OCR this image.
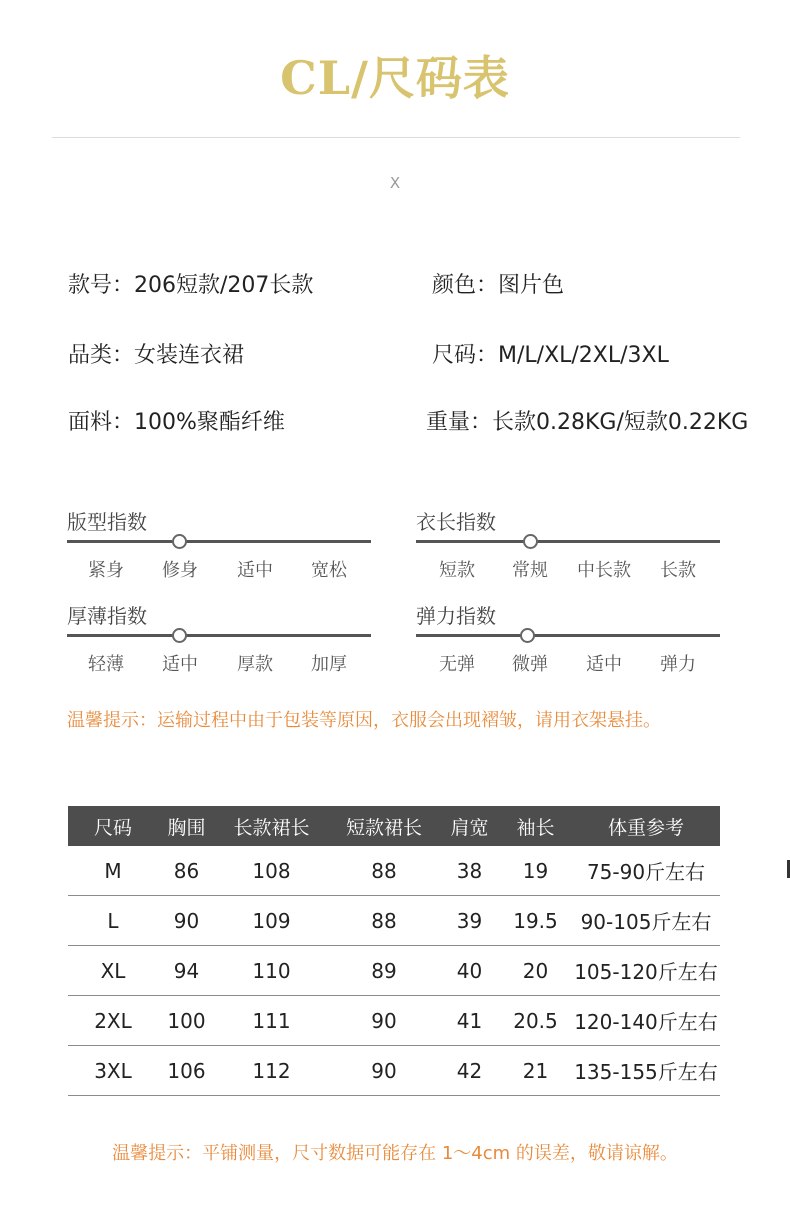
CL/尺码表
X
款号：206短款/207长款	颜色：图片色
品类：女装连衣裙	尺码：M/L/XL/2XL/3XL
面料：100%聚酯纤维	重量：长款0.28KG/短款0.22KG
版型指数
紧身	修身	适中	宽松
衣长指数
短款	常规	中长款	长款
厚薄指数
轻薄	适中	厚款	加厚
弹力指数
无弹	微弹	适中	弹力
温馨提示：运输过程中由于包装等原因，衣服会出现褶皱，请用衣架悬挂。
尺码	胸围	长款裙长	短款裙长	肩宽	袖长	体重参考
M	86	108	88	38	19	75-90斤左右
L	90	109	88	39	19.5	90-105斤左右
XL	94	110	89	40	20	105-120斤左右
2XL	100	111	90	41	20.5	120-140斤左右
3XL	106	112	90	42	21	135-155斤左右
温馨提示：平铺测量，尺寸数据可能存在 1～4cm 的误差，敬请谅解。
